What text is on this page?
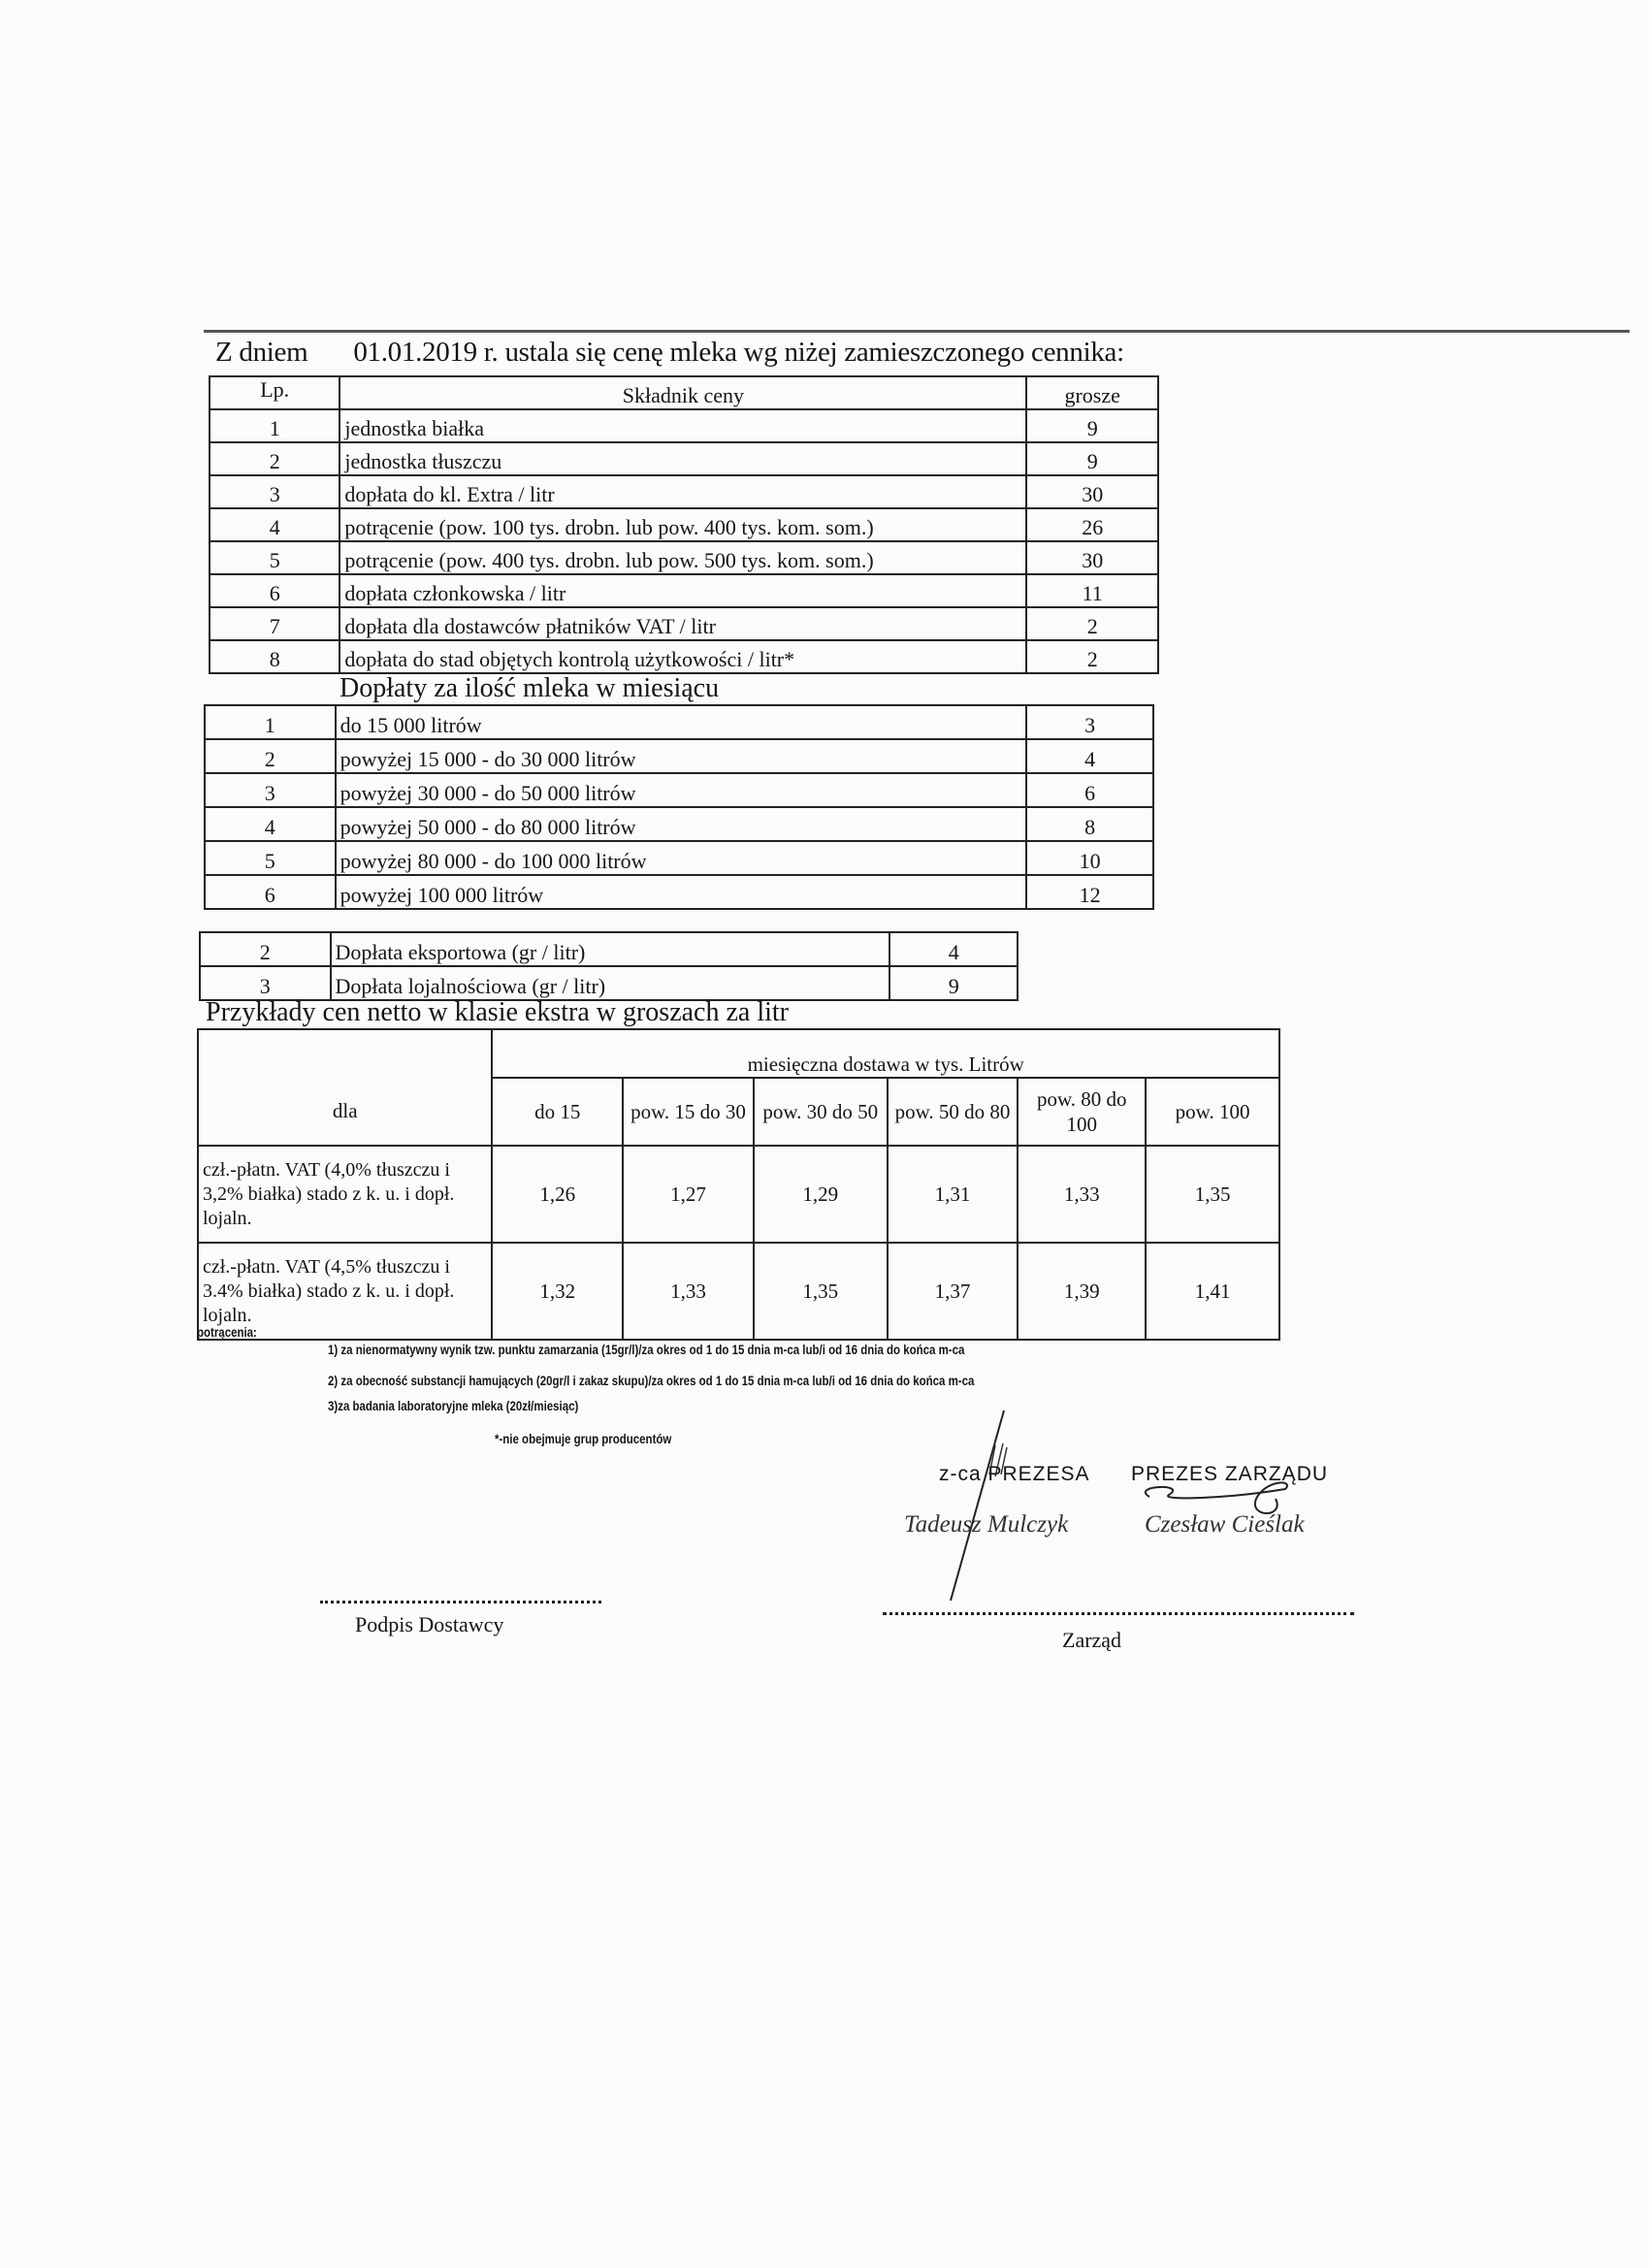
Z dniem 01.01.2019 r. ustala się cenę mleka wg niżej zamieszczonego cennika:
Lp.	Składnik ceny	grosze
1	jednostka białka	9
2	jednostka tłuszczu	9
3	dopłata do kl. Extra / litr	30
4	potrącenie (pow. 100 tys. drobn. lub pow. 400 tys. kom. som.)	26
5	potrącenie (pow. 400 tys. drobn. lub pow. 500 tys. kom. som.)	30
6	dopłata członkowska / litr	11
7	dopłata dla dostawców płatników VAT / litr	2
8	dopłata do stad objętych kontrolą użytkowości / litr*	2
Dopłaty za ilość mleka w miesiącu
1	do 15 000 litrów	3
2	powyżej 15 000 - do 30 000 litrów	4
3	powyżej 30 000 - do 50 000 litrów	6
4	powyżej 50 000 - do 80 000 litrów	8
5	powyżej 80 000 - do 100 000 litrów	10
6	powyżej 100 000 litrów	12
2	Dopłata eksportowa (gr / litr)	4
3	Dopłata lojalnościowa (gr / litr)	9
Przykłady cen netto w klasie ekstra w groszach za litr
dla	miesięczna dostawa w tys. Litrów					
	do 15	pow. 15 do 30	pow. 30 do 50	pow. 50 do 80	pow. 80 do 100	pow. 100
czł.-płatn. VAT (4,0% tłuszczu i 3,2% białka) stado z k. u. i dopł. lojaln.	1,26	1,27	1,29	1,31	1,33	1,35
czł.-płatn. VAT (4,5% tłuszczu i 3.4% białka) stado z k. u. i dopł. lojaln.	1,32	1,33	1,35	1,37	1,39	1,41
potrącenia:
1) za nienormatywny wynik tzw. punktu zamarzania (15gr/l)/za okres od 1 do 15 dnia m-ca lub/i od 16 dnia do końca m-ca
2) za obecność substancji hamujących (20gr/l i zakaz skupu)/za okres od 1 do 15 dnia m-ca lub/i od 16 dnia do końca m-ca
3)za badania laboratoryjne mleka (20zł/miesiąc)
*-nie obejmuje grup producentów
z-ca PREZESA
Tadeusz Mulczyk
PREZES ZARZĄDU
Czesław Cieślak
Podpis Dostawcy
Zarząd
